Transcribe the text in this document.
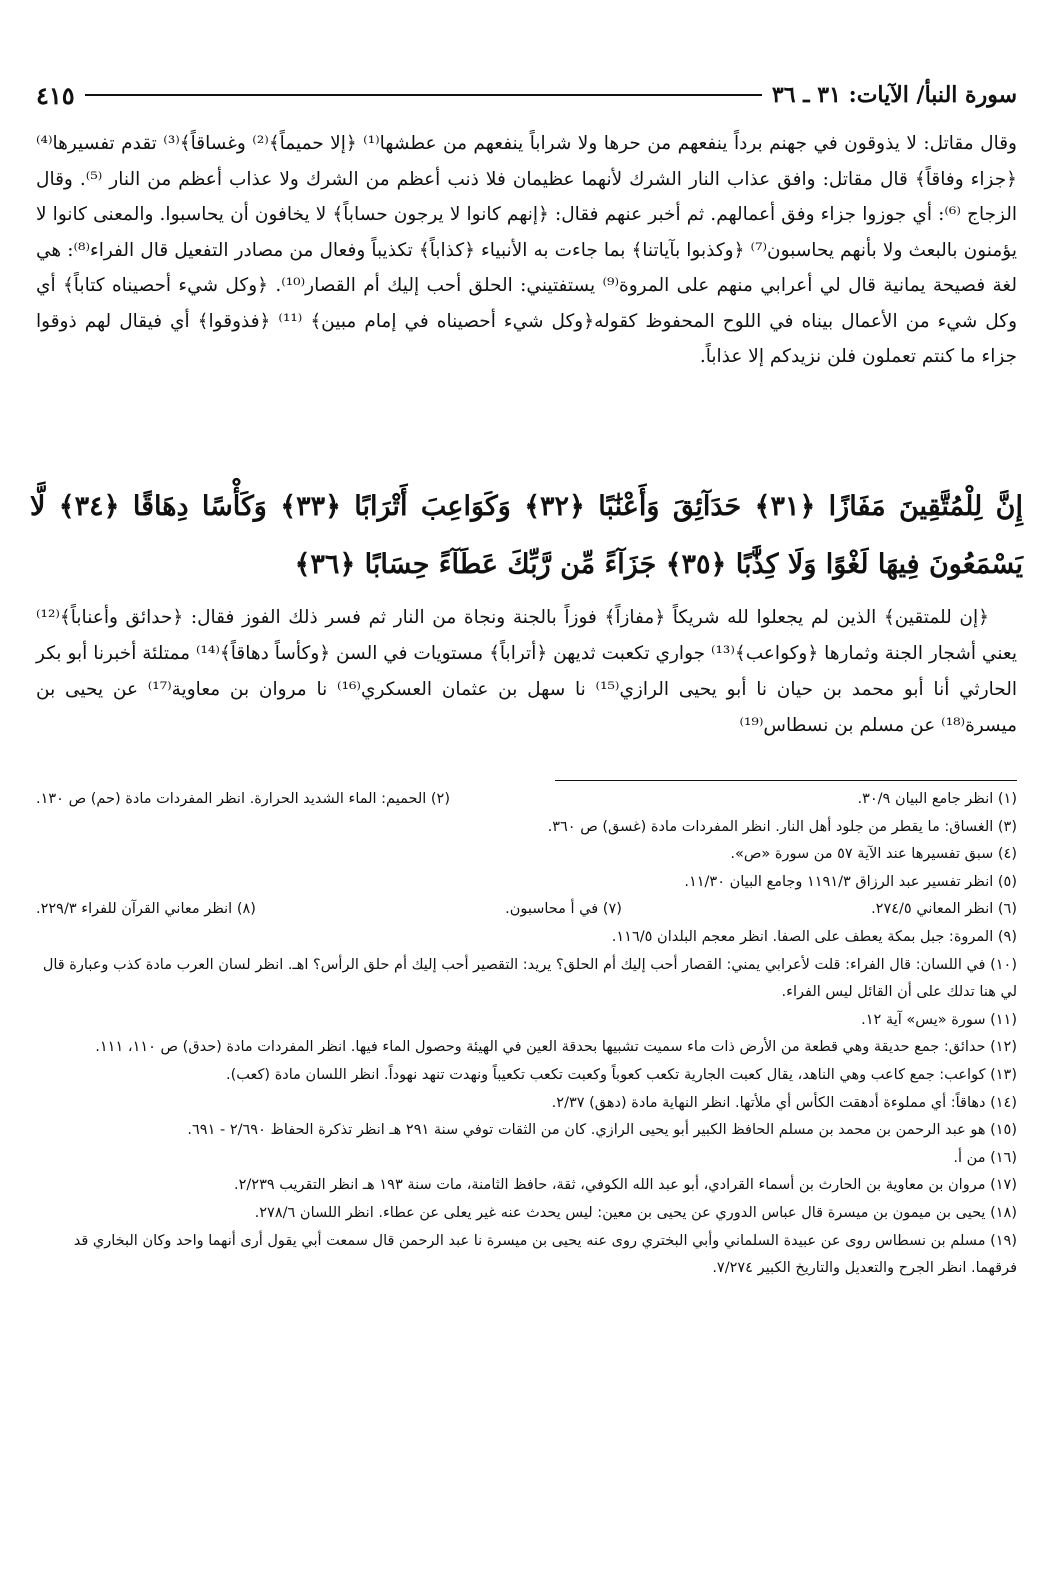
سورة النبأ/ الآيات: ٣١ ـ ٣٦
٤١٥

وقال مقاتل: لا يذوقون في جهنم برداً ينفعهم من حرها ولا شراباً ينفعهم من عطشها⁽¹⁾ ﴿إلا حميماً﴾⁽²⁾ وغساقاً﴾⁽³⁾ تقدم تفسيرها⁽⁴⁾ ﴿جزاء وفاقاً﴾ قال مقاتل: وافق عذاب النار الشرك لأنهما عظيمان فلا ذنب أعظم من الشرك ولا عذاب أعظم من النار ⁽⁵⁾. وقال الزجاج ⁽⁶⁾: أي جوزوا جزاء وفق أعمالهم. ثم أخبر عنهم فقال: ﴿إنهم كانوا لا يرجون حساباً﴾ لا يخافون أن يحاسبوا. والمعنى كانوا لا يؤمنون بالبعث ولا بأنهم يحاسبون⁽⁷⁾ ﴿وكذبوا بآياتنا﴾ بما جاءت به الأنبياء ﴿كذاباً﴾ تكذيباً وفعال من مصادر التفعيل قال الفراء⁽⁸⁾: هي لغة فصيحة يمانية قال لي أعرابي منهم على المروة⁽⁹⁾ يستفتيني: الحلق أحب إليك أم القصار⁽¹⁰⁾. ﴿وكل شيء أحصيناه كتاباً﴾ أي وكل شيء من الأعمال بيناه في اللوح المحفوظ كقوله﴿وكل شيء أحصيناه في إمام مبين﴾ ⁽¹¹⁾ ﴿فذوقوا﴾ أي فيقال لهم ذوقوا جزاء ما كنتم تعملون فلن نزيدكم إلا عذاباً.

إِنَّ لِلْمُتَّقِينَ مَفَازًا ﴿٣١﴾ حَدَآئِقَ وَأَعْنَٰبًا ﴿٣٢﴾ وَكَوَاعِبَ أَتْرَابًا ﴿٣٣﴾ وَكَأْسًا دِهَاقًا ﴿٣٤﴾ لَّا يَسْمَعُونَ فِيهَا لَغْوًا وَلَا كِذَّٰبًا ﴿٣٥﴾ جَزَآءً مِّن رَّبِّكَ عَطَآءً حِسَابًا ﴿٣٦﴾

﴿إن للمتقين﴾ الذين لم يجعلوا لله شريكاً ﴿مفازاً﴾ فوزاً بالجنة ونجاة من النار ثم فسر ذلك الفوز فقال: ﴿حدائق وأعناباً﴾⁽¹²⁾ يعني أشجار الجنة وثمارها ﴿وكواعب﴾⁽¹³⁾ جواري تكعبت ثديهن ﴿أتراباً﴾ مستويات في السن ﴿وكأساً دهاقاً﴾⁽¹⁴⁾ ممتلئة أخبرنا أبو بكر الحارثي أنا أبو محمد بن حيان نا أبو يحيى الرازي⁽¹⁵⁾ نا سهل بن عثمان العسكري⁽¹⁶⁾ نا مروان بن معاوية⁽¹⁷⁾ عن يحيى بن ميسرة⁽¹⁸⁾ عن مسلم بن نسطاس⁽¹⁹⁾

(١) انظر جامع البيان ٣٠/٩.

(٢) الحميم: الماء الشديد الحرارة. انظر المفردات مادة (حم) ص ١٣٠.

(٣) الغساق: ما يقطر من جلود أهل النار. انظر المفردات مادة (غسق) ص ٣٦٠.

(٤) سبق تفسيرها عند الآية ٥٧ من سورة «ص».

(٥) انظر تفسير عبد الرزاق ١١٩١/٣ وجامع البيان ١١/٣٠.

(٦) انظر المعاني ٢٧٤/٥.

(٧) في أ محاسبون.

(٨) انظر معاني القرآن للفراء ٢٢٩/٣.

(٩) المروة: جبل بمكة يعطف على الصفا. انظر معجم البلدان ١١٦/٥.

(١٠) في اللسان: قال الفراء: قلت لأعرابي يمني: القصار أحب إليك أم الحلق؟ يريد: التقصير أحب إليك أم حلق الرأس؟ اهـ. انظر لسان العرب مادة كذب وعبارة قال لي هنا تدلك على أن القائل ليس الفراء.

(١١) سورة «يس» آية ١٢.

(١٢) حدائق: جمع حديقة وهي قطعة من الأرض ذات ماء سميت تشبيها بحدقة العين في الهيئة وحصول الماء فيها. انظر المفردات مادة (حدق) ص ١١٠، ١١١.

(١٣) كواعب: جمع كاعب وهي الناهد، يقال كعبت الجارية تكعب كعوباً وكعبت تكعب تكعيباً ونهدت تنهد نهوداً. انظر اللسان مادة (كعب).

(١٤) دهاقاً: أي مملوءة أدهقت الكأس أي ملأتها. انظر النهاية مادة (دهق) ٢/٣٧.

(١٥) هو عبد الرحمن بن محمد بن مسلم الحافظ الكبير أبو يحيى الرازي. كان من الثقات توفي سنة ٢٩١ هـ انظر تذكرة الحفاظ ٢/٦٩٠ - ٦٩١.

(١٦) من أ.

(١٧) مروان بن معاوية بن الحارث بن أسماء القرادي، أبو عبد الله الكوفي، ثقة، حافظ الثامنة، مات سنة ١٩٣ هـ انظر التقريب ٢/٢٣٩.

(١٨) يحيى بن ميمون بن ميسرة قال عباس الدوري عن يحيى بن معين: ليس يحدث عنه غير يعلى عن عطاء. انظر اللسان ٢٧٨/٦.

(١٩) مسلم بن نسطاس روى عن عبيدة السلماني وأبي البختري روى عنه يحيى بن ميسرة نا عبد الرحمن قال سمعت أبي يقول أرى أنهما واحد وكان البخاري قد فرقهما. انظر الجرح والتعديل والتاريخ الكبير ٧/٢٧٤.
